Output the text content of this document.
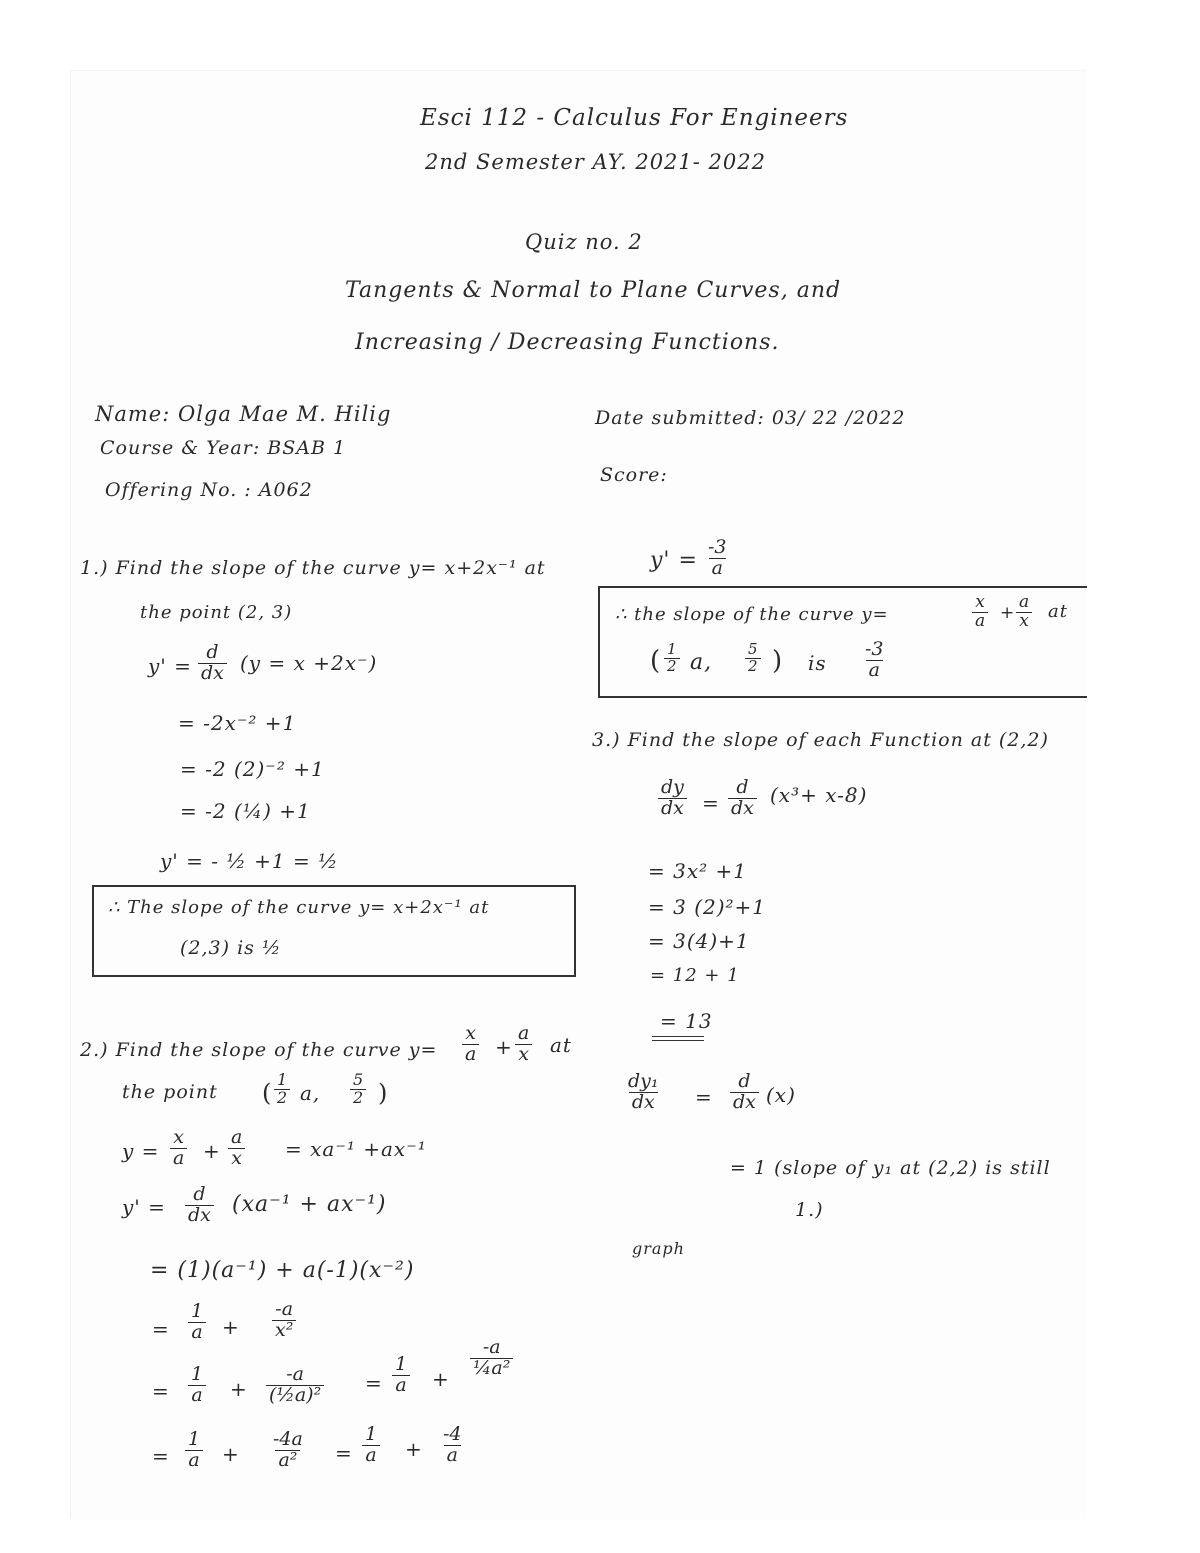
Esci 112 - Calculus For Engineers
2nd Semester AY. 2021- 2022
Quiz no. 2
Tangents & Normal to Plane Curves, and
Increasing / Decreasing Functions.
Name: Olga Mae M. Hilig
Course & Year: BSAB 1
Offering No. : A062
Date submitted: 03/ 22 /2022
Score:
1.) Find the slope of the curve y= x+2x⁻¹ at
the point (2, 3)
$y' = \frac{d}{dx} (y = x +2x^-)$
= -2x⁻² +1
= -2 (2)⁻² +1
= -2 (¼) +1
y' = - ½ +1 = ½
∴ The slope of the curve y= x+2x⁻¹ at
(2,3) is ½
2.) Find the slope of the curve $y= \frac{x}{a} + \frac{a}{x}$ at
the point ( $\frac{1}{2} a$, $\frac{5}{2}$ )
$y = \frac{x}{a} + \frac{a}{x} = xa^{-1} +ax^{-1}$
$y' = \frac{d}{dx} (xa^{-1} + ax^{-1})$
= (1)(a⁻¹) + a(-1)(x⁻²)
= $\frac{1}{a} + \frac{-a}{\text{x²}}$
= $\frac{1}{a} + \frac{-a}{\text{(½a)²}} = \frac{1}{a}$ +
$\frac{-a}{\text{¼a²}}$
= $\frac{1}{a} + \frac{-4a}{\text{a²}} = \frac{1}{a} + \frac{-4}{a}$
$y' = \frac{-3}{a}$
∴ the slope of the curve y=	$\frac{x}{a} + \frac{a}{x}$ at
( $\frac{1}{2} a$, $\frac{5}{2}$ ) is $\frac{-3}{a}$
3.) Find the slope of each Function at (2,2)
$\frac{dy}{dx} = \frac{d}{dx} (x^3+ x-8)$
= 3x² +1
= 3 (2)²+1
= 3(4)+1
= 12 + 1
= 13
$\frac{\text{dy₁}}{dx} = \frac{d}{dx} (x)$
= 1 (slope of y₁ at (2,2) is still
1.)
graph
